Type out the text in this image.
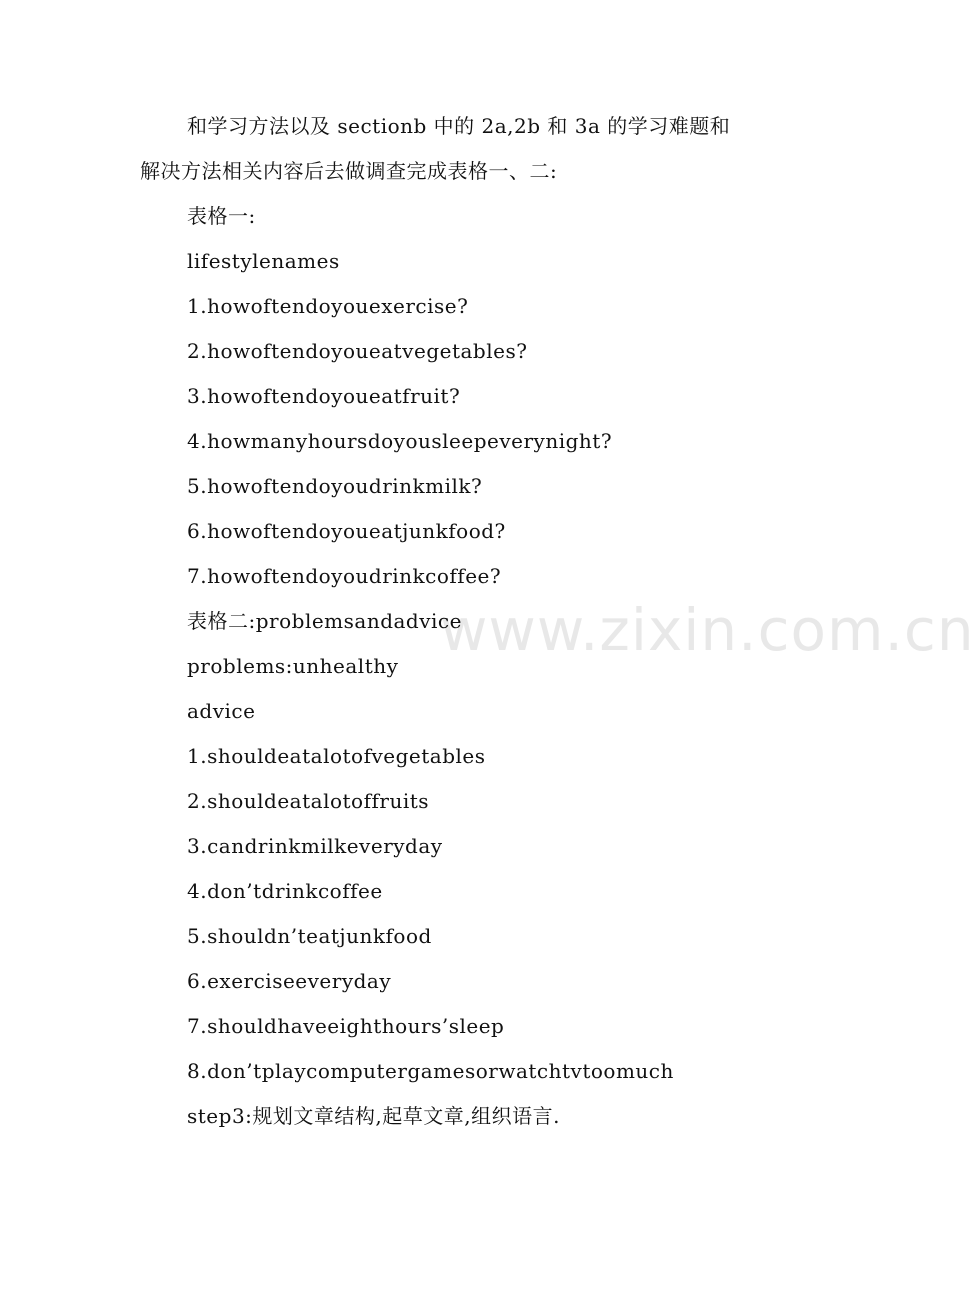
www.zixin.com.cn
和学习方法以及 sectionb 中的 2a,2b 和 3a 的学习难题和
解决方法相关内容后去做调查完成表格一、二:
表格一:
lifestylenames
1.howoftendoyouexercise?
2.howoftendoyoueatvegetables?
3.howoftendoyoueatfruit?
4.howmanyhoursdoyousleepeverynight?
5.howoftendoyoudrinkmilk?
6.howoftendoyoueatjunkfood?
7.howoftendoyoudrinkcoffee?
表格二:problemsandadvice
problems:unhealthy
advice
1.shouldeatalotofvegetables
2.shouldeatalotoffruits
3.candrinkmilkeveryday
4.don’tdrinkcoffee
5.shouldn’teatjunkfood
6.exerciseeveryday
7.shouldhaveeighthours’sleep
8.don’tplaycomputergamesorwatchtvtoomuch
step3:规划文章结构,起草文章,组织语言.
